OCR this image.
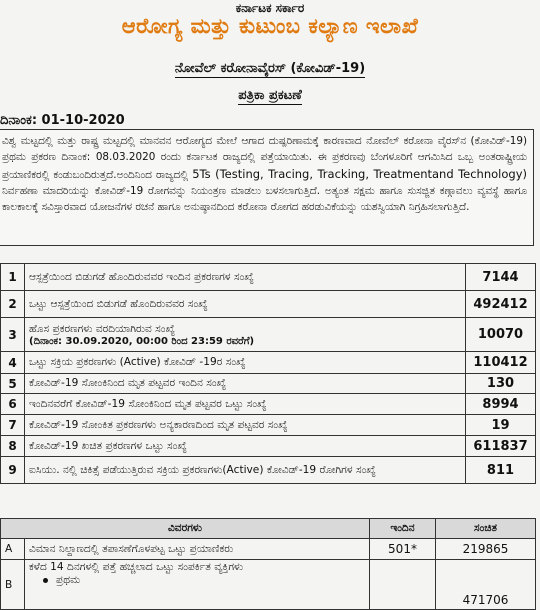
ಕರ್ನಾಟಕ ಸರ್ಕಾರ
ಆರೋಗ್ಯ ಮತ್ತು ಕುಟುಂಬ ಕಲ್ಯಾಣ ಇಲಾಖೆ
ನೋವೆಲ್ ಕರೋನಾವೈರಸ್ (ಕೋವಿಡ್-19)
ಪತ್ರಿಕಾ ಪ್ರಕಟಣೆ
ದಿನಾಂಕ: 01-10-2020
ವಿಶ್ವ ಮಟ್ಟದಲ್ಲಿ ಮತ್ತು ರಾಷ್ಟ್ರ ಮಟ್ಟದಲ್ಲಿ ಮಾನವನ ಆರೋಗ್ಯದ ಮೇಲೆ ಆಗಾದ ದುಷ್ಪರಿಣಾಮಕ್ಕೆ ಕಾರಣವಾದ ನೋವೆಲ್ ಕರೋನಾ ವೈರಸ್‌ನ (ಕೋವಿಡ್-19) ಪ್ರಥಮ ಪ್ರಕರಣ ದಿನಾಂಕ: 08.03.2020 ರಂದು ಕರ್ನಾಟಕ ರಾಜ್ಯದಲ್ಲಿ ಪತ್ತೆಯಾಯಿತು. ಈ ಪ್ರಕರಣವು ಬೆಂಗಳೂರಿಗೆ ಆಗಮಿಸಿದ ಒಬ್ಬ ಅಂತರಾಷ್ಟ್ರೀಯ ಪ್ರಯಾಣಿಕರಲ್ಲಿ ಕಂಡುಬಂದಿರುತ್ತದೆ.ಅಂದಿನಿಂದ ರಾಜ್ಯದಲ್ಲಿ 5Ts (Testing, Tracing, Tracking, Treatmentand Technology) ನಿರ್ವಹಣಾ ಮಾದರಿಯನ್ನು ಕೋವಿಡ್-19 ರೋಗವನ್ನು ನಿಯಂತ್ರಣ ಮಾಡಲು ಬಳಸಲಾಗುತ್ತಿದೆ. ಅತ್ಯಂತ ಸಕ್ಷಮ ಹಾಗೂ ಸುಸಜ್ಜಿತ ಕಣ್ಗಾವಲು ವ್ಯವಸ್ಥೆ ಹಾಗೂ ಕಾಲಕಾಲಕ್ಕೆ ಸವಿಸ್ತಾರವಾದ ಯೋಜನೆಗಳ ರಚನೆ ಹಾಗೂ ಅನುಷ್ಠಾನದಿಂದ ಕರೋನಾ ರೋಗದ ಹರಡುವಿಕೆಯನ್ನು ಯಶಸ್ವಿಯಾಗಿ ನಿಗ್ರಹಿಸಲಾಗುತ್ತಿದೆ.
1	ಆಸ್ಪತ್ರೆಯಿಂದ ಬಿಡುಗಡೆ ಹೊಂದಿರುವವರ ಇಂದಿನ ಪ್ರಕರಣಗಳ ಸಂಖ್ಯೆ	7144
2	ಒಟ್ಟು ಆಸ್ಪತ್ರೆಯಿಂದ ಬಿಡುಗಡೆ ಹೊಂದಿರುವವರ ಸಂಖ್ಯೆ	492412
3	ಹೊಸ ಪ್ರಕರಣಗಳು ವರದಿಯಾಗಿರುವ ಸಂಖ್ಯೆ
(ದಿನಾಂಕ: 30.09.2020, 00:00 ರಿಂದ 23:59 ರವರೆಗೆ)	10070
4	ಒಟ್ಟು ಸಕ್ರಿಯ ಪ್ರಕರಣಗಳು (Active) ಕೋವಿಡ್ -19ರ ಸಂಖ್ಯೆ	110412
5	ಕೋವಿಡ್-19 ಸೋಂಕಿನಿಂದ ಮೃತ ಪಟ್ಟವರ ಇಂದಿನ ಸಂಖ್ಯೆ	130
6	ಇಂದಿನವರೆಗೆ ಕೋವಿಡ್-19 ಸೋಂಕಿನಿಂದ ಮೃತ ಪಟ್ಟವರ ಒಟ್ಟು ಸಂಖ್ಯೆ	8994
7	ಕೋವಿಡ್-19 ಸೋಂಕಿತ ಪ್ರಕರಣಗಳು ಅನ್ಯಕಾರಣದಿಂದ ಮೃತ ಪಟ್ಟವರ ಸಂಖ್ಯೆ	19
8	ಕೋವಿಡ್-19 ಖಚಿತ ಪ್ರಕರಣಗಳ ಒಟ್ಟು ಸಂಖ್ಯೆ	611837
9	ಐಸಿಯು. ನಲ್ಲಿ ಚಿಕಿತ್ಸೆ ಪಡೆಯುತ್ತಿರುವ ಸಕ್ರಿಯ ಪ್ರಕರಣಗಳು(Active) ಕೋವಿಡ್-19 ರೋಗಿಗಳ ಸಂಖ್ಯೆ	811
ವಿವರಗಳು		ಇಂದಿನ	ಸಂಚಿತ
A	ವಿಮಾನ ನಿಲ್ದಾಣದಲ್ಲಿ ತಪಾಸಣೆಗೊಳಪಟ್ಟ ಒಟ್ಟು ಪ್ರಯಾಣಿಕರು	501*	219865
B	ಕಳೆದ 14 ದಿನಗಳಲ್ಲಿ ಪತ್ತೆ ಹಚ್ಚಲಾದ ಒಟ್ಟು ಸಂಪರ್ಕಿತ ವ್ಯಕ್ತಿಗಳು
ಪ್ರಥಮ		471706
